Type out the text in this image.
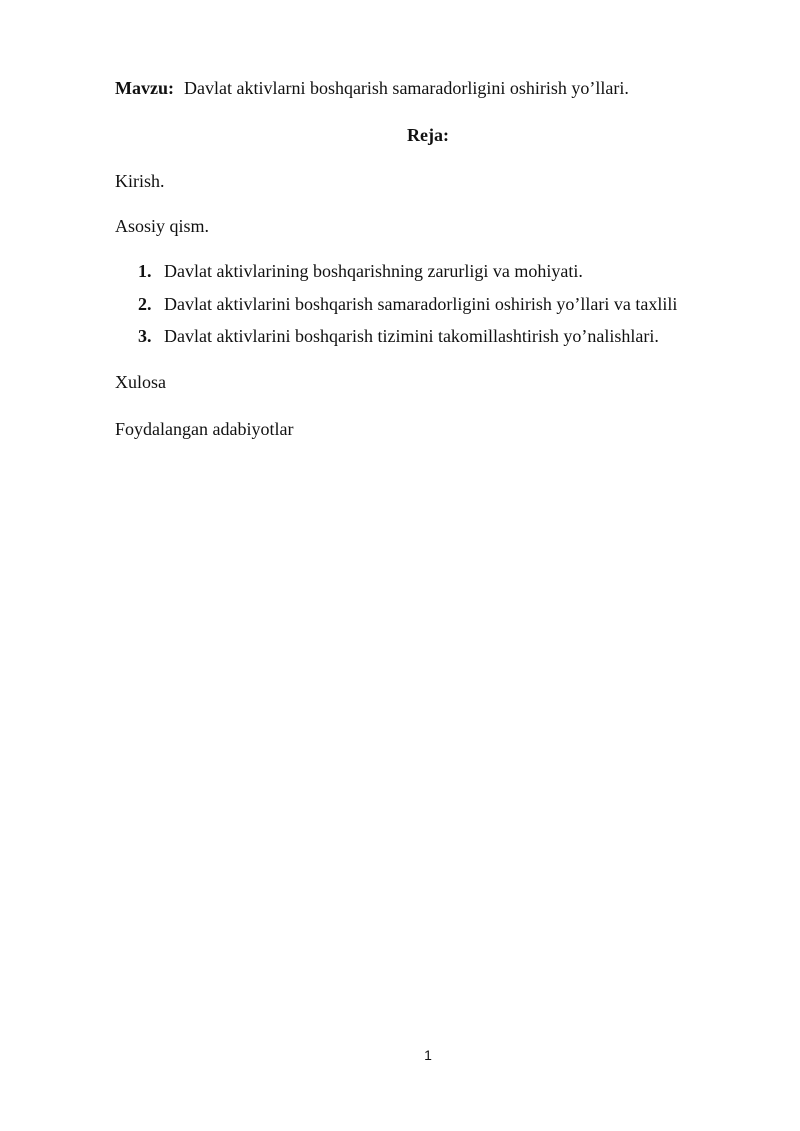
Mavzu: Davlat aktivlarni boshqarish samaradorligini oshirish yo’llari.
Reja:
Kirish.
Asosiy qism.
1. Davlat aktivlarining boshqarishning zarurligi va mohiyati.
2. Davlat aktivlarini boshqarish samaradorligini oshirish yo’llari va taxlili
3. Davlat aktivlarini boshqarish tizimini takomillashtirish yo’nalishlari.
Xulosa
Foydalangan adabiyotlar
1
